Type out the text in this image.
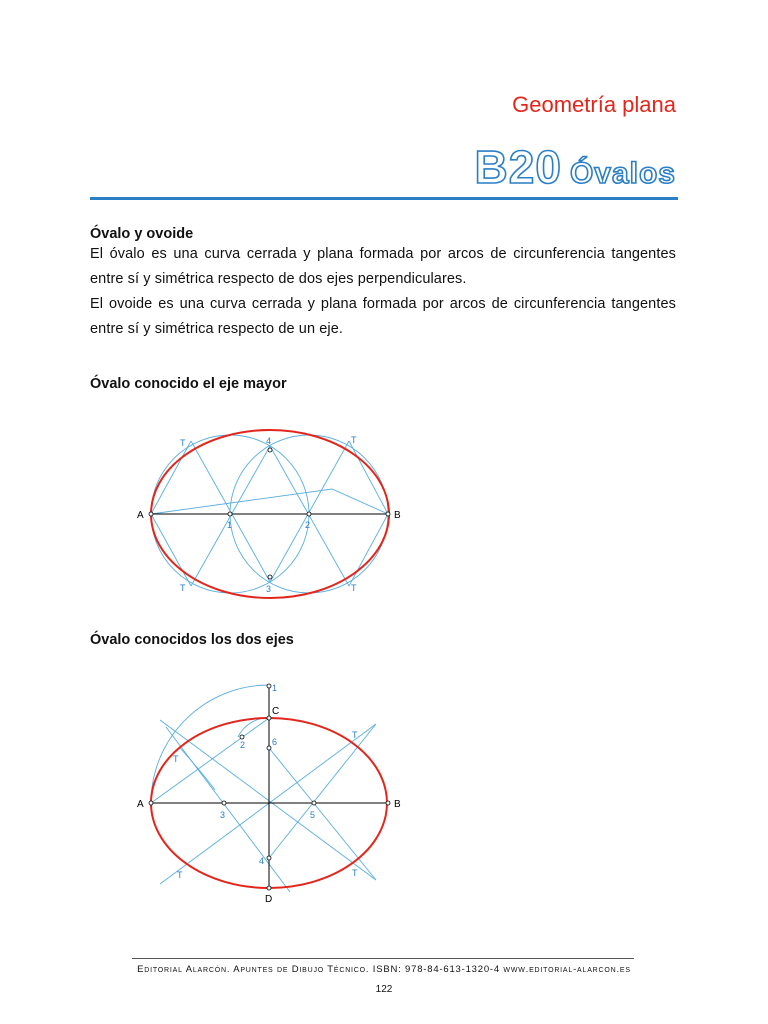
Geometría plana
B20 Óvalos
Óvalo y ovoide

El óvalo es una curva cerrada y plana formada por arcos de circunferencia tangentes entre sí y simétrica respecto de dos ejes perpendiculares.

El ovoide es una curva cerrada y plana formada por arcos de circunferencia tangentes entre sí y simétrica respecto de un eje.

Óvalo conocido el eje mayor
A	B
1	2
3
4
T	T
T	T
Óvalo conocidos los dos ejes
A	B
C
D
1
2
3
4
5
6
T
T
T	T
Editorial Alarcón. Apuntes de Dibujo Técnico. ISBN: 978-84-613-1320-4 www.editorial-alarcon.es
122
